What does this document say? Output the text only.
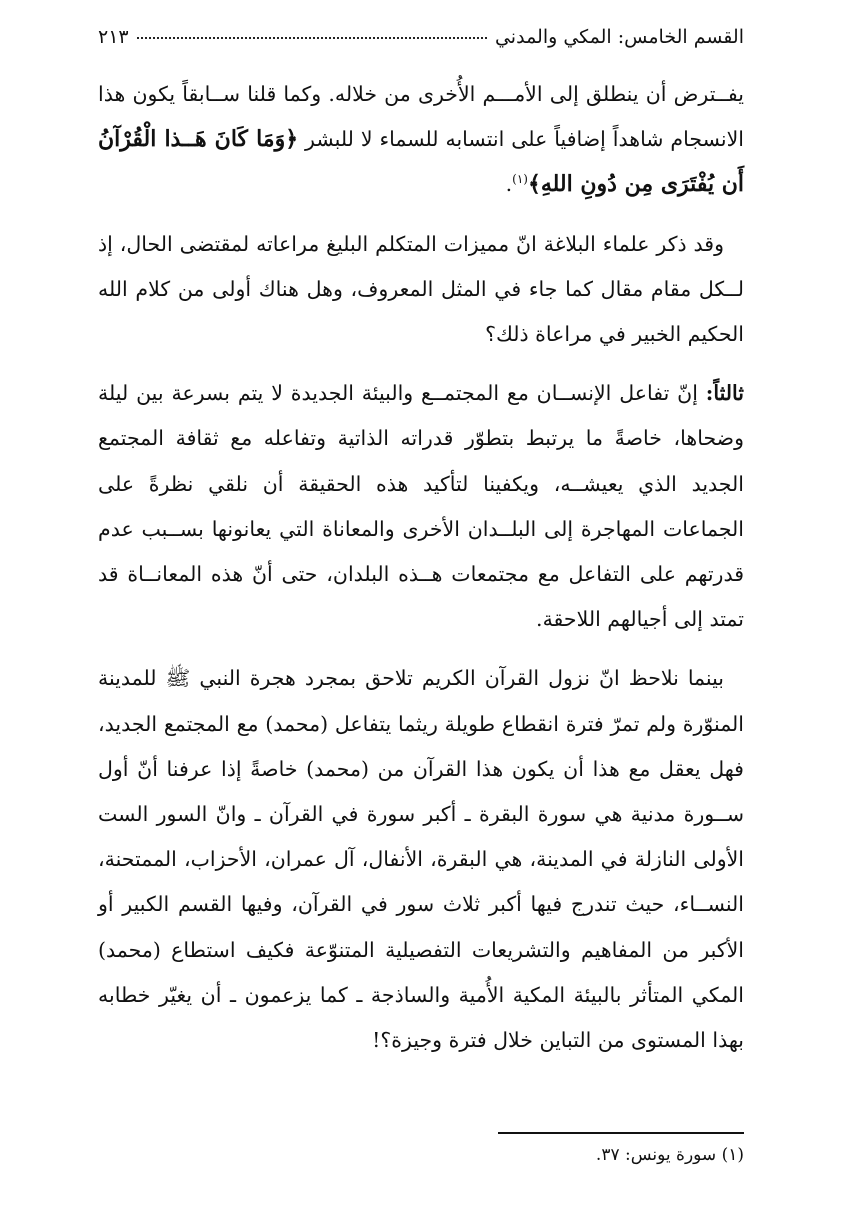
القسم الخامس: المكي والمدني
٢١٣

يفــترض أن ينطلق إلى الأمـــم الأُخرى من خلاله. وكما قلنا ســابقاً يكون هذا الانسجام شاهداً إضافياً على انتسابه للسماء لا للبشر ﴿وَمَا كَانَ هَــذا الْقُرْآنُ أَن يُفْتَرَى مِن دُونِ اللهِ﴾$^{(١)}$.

وقد ذكر علماء البلاغة انّ مميزات المتكلم البليغ مراعاته لمقتضى الحال، إذ لــكل مقام مقال كما جاء في المثل المعروف، وهل هناك أولى من كلام الله الحكيم الخبير في مراعاة ذلك؟

ثالثاً: إنّ تفاعل الإنســان مع المجتمــع والبيئة الجديدة لا يتم بسرعة بين ليلة وضحاها، خاصةً ما يرتبط بتطوّر قدراته الذاتية وتفاعله مع ثقافة المجتمع الجديد الذي يعيشــه، ويكفينا لتأكيد هذه الحقيقة أن نلقي نظرةً على الجماعات المهاجرة إلى البلــدان الأخرى والمعاناة التي يعانونها بســبب عدم قدرتهم على التفاعل مع مجتمعات هــذه البلدان، حتى أنّ هذه المعانــاة قد تمتد إلى أجيالهم اللاحقة.

بينما نلاحظ انّ نزول القرآن الكريم تلاحق بمجرد هجرة النبي ﷺ للمدينة المنوّرة ولم تمرّ فترة انقطاع طويلة ريثما يتفاعل (محمد) مع المجتمع الجديد، فهل يعقل مع هذا أن يكون هذا القرآن من (محمد) خاصةً إذا عرفنا أنّ أول ســورة مدنية هي سورة البقرة ـ أكبر سورة في القرآن ـ وانّ السور الست الأولى النازلة في المدينة، هي البقرة، الأنفال، آل عمران، الأحزاب، الممتحنة، النســاء، حيث تندرج فيها أكبر ثلاث سور في القرآن، وفيها القسم الكبير أو الأكبر من المفاهيم والتشريعات التفصيلية المتنوّعة فكيف استطاع (محمد) المكي المتأثر بالبيئة المكية الأُمية والساذجة ـ كما يزعمون ـ أن يغيّر خطابه بهذا المستوى من التباين خلال فترة وجيزة؟!

(١) سورة يونس: ٣٧.
